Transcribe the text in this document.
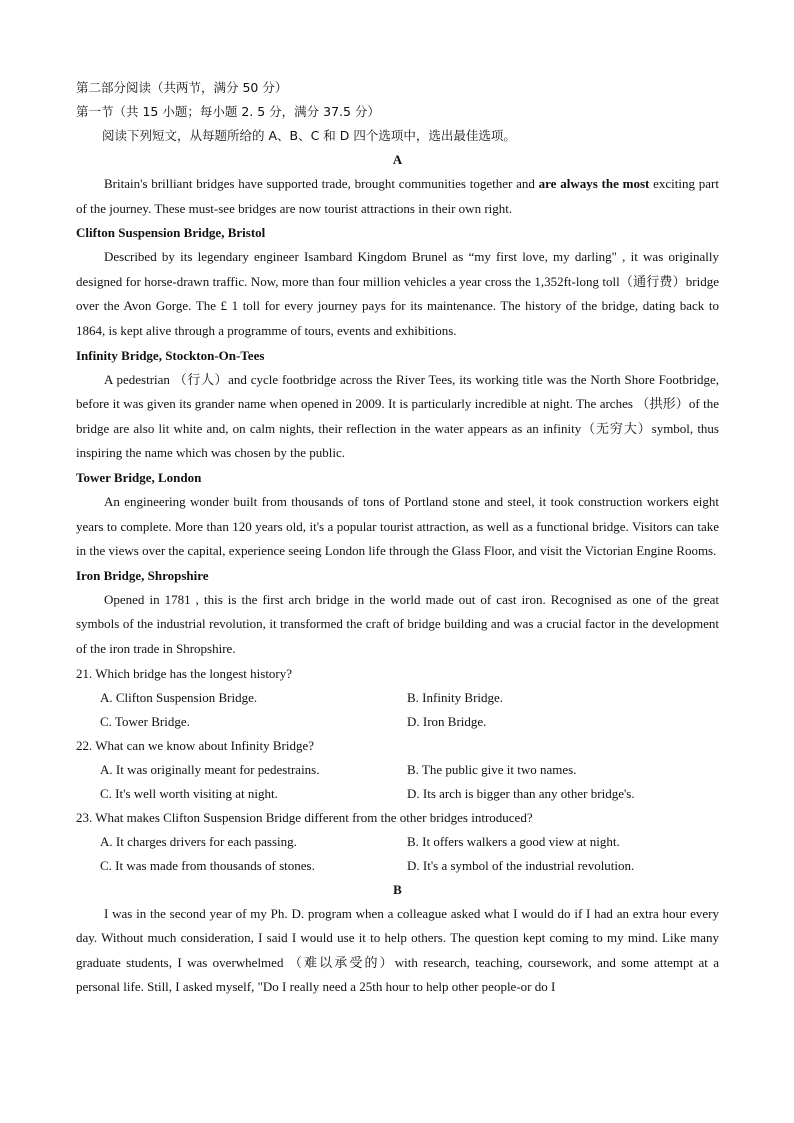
第二部分阅读（共两节，满分 50 分）

第一节（共 15 小题；每小题 2. 5 分，满分 37.5 分）

阅读下列短文，从每题所给的 A、B、C 和 D 四个选项中，选出最佳选项。

A

Britain's brilliant bridges have supported trade, brought communities together and are always the most exciting part of the journey. These must-see bridges are now tourist attractions in their own right.

Clifton Suspension Bridge, Bristol

Described by its legendary engineer Isambard Kingdom Brunel as “my first love, my darling" , it was originally designed for horse-drawn traffic. Now, more than four million vehicles a year cross the 1,352ft-long toll（通行费）bridge over the Avon Gorge. The £ 1 toll for every journey pays for its maintenance. The history of the bridge, dating back to 1864, is kept alive through a programme of tours, events and exhibitions.

Infinity Bridge, Stockton-On-Tees

A pedestrian （行人）and cycle footbridge across the River Tees, its working title was the North Shore Footbridge, before it was given its grander name when opened in 2009. It is particularly incredible at night. The arches （拱形）of the bridge are also lit white and, on calm nights, their reflection in the water appears as an infinity（无穷大）symbol, thus inspiring the name which was chosen by the public.

Tower Bridge, London

An engineering wonder built from thousands of tons of Portland stone and steel, it took construction workers eight years to complete. More than 120 years old, it's a popular tourist attraction, as well as a functional bridge. Visitors can take in the views over the capital, experience seeing London life through the Glass Floor, and visit the Victorian Engine Rooms.

Iron Bridge, Shropshire

Opened in 1781 , this is the first arch bridge in the world made out of cast iron. Recognised as one of the great symbols of the industrial revolution, it transformed the craft of bridge building and was a crucial factor in the development of the iron trade in Shropshire.

21. Which bridge has the longest history?

A. Clifton Suspension Bridge.	B. Infinity Bridge.
C. Tower Bridge.	D. Iron Bridge.

22. What can we know about Infinity Bridge?

A. It was originally meant for pedestrains.	B. The public give it two names.
C. It's well worth visiting at night.	D. Its arch is bigger than any other bridge's.

23. What makes Clifton Suspension Bridge different from the other bridges introduced?

A. It charges drivers for each passing.	B. It offers walkers a good view at night.
C. It was made from thousands of stones.	D. It's a symbol of the industrial revolution.

B

I was in the second year of my Ph. D. program when a colleague asked what I would do if I had an extra hour every day. Without much consideration, I said I would use it to help others. The question kept coming to my mind. Like many graduate students, I was overwhelmed （难以承受的）with research, teaching, coursework, and some attempt at a personal life. Still, I asked myself, "Do I really need a 25th hour to help other people-or do I
